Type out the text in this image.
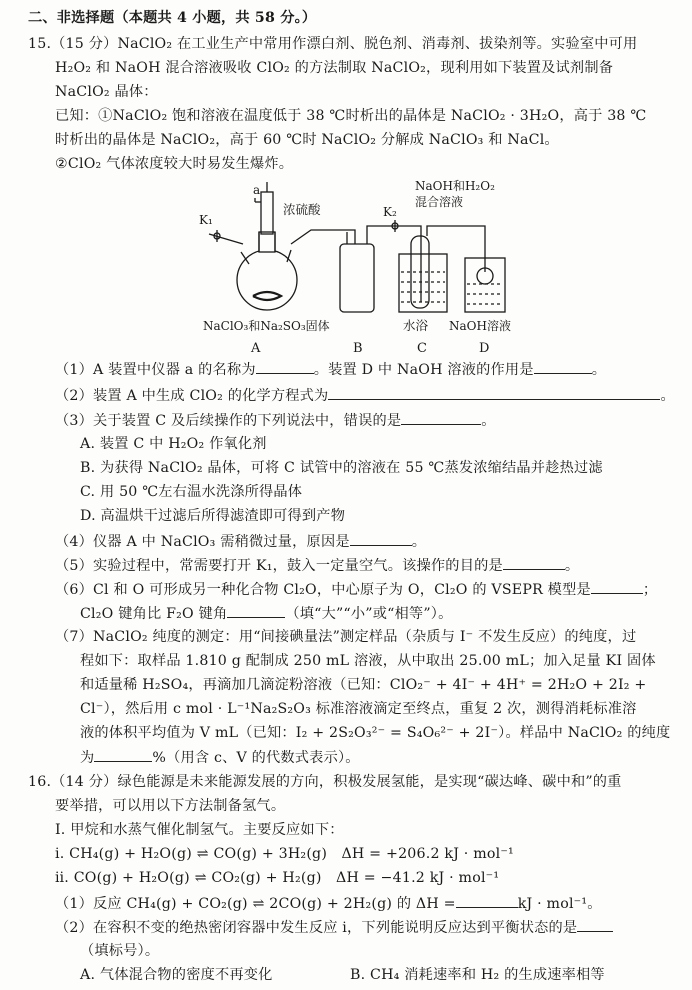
二、非选择题（本题共 4 小题，共 58 分。）
15.（15 分）NaClO₂ 在工业生产中常用作漂白剂、脱色剂、消毒剂、拔染剂等。实验室中可用
H₂O₂ 和 NaOH 混合溶液吸收 ClO₂ 的方法制取 NaClO₂，现利用如下装置及试剂制备
NaClO₂ 晶体：
已知：①NaClO₂ 饱和溶液在温度低于 38 ℃时析出的晶体是 NaClO₂ · 3H₂O，高于 38 ℃
时析出的晶体是 NaClO₂，高于 60 ℃时 NaClO₂ 分解成 NaClO₃ 和 NaCl。
②ClO₂ 气体浓度较大时易发生爆炸。
a
K₁
K₂
浓硫酸
NaOH和H₂O₂
混合溶液
NaClO₃和Na₂SO₃固体	水浴 NaOH溶液
A	B	C	D
（1）A 装置中仪器 a 的名称为	。装置 D 中 NaOH 溶液的作用是	。
（2）装置 A 中生成 ClO₂ 的化学方程式为	。
（3）关于装置 C 及后续操作的下列说法中，错误的是	。
A. 装置 C 中 H₂O₂ 作氧化剂
B. 为获得 NaClO₂ 晶体，可将 C 试管中的溶液在 55 ℃蒸发浓缩结晶并趁热过滤
C. 用 50 ℃左右温水洗涤所得晶体
D. 高温烘干过滤后所得滤渣即可得到产物
（4）仪器 A 中 NaClO₃ 需稍微过量，原因是	。
（5）实验过程中，常需要打开 K₁，鼓入一定量空气。该操作的目的是	。
（6）Cl 和 O 可形成另一种化合物 Cl₂O，中心原子为 O，Cl₂O 的 VSEPR 模型是	；
Cl₂O 键角比 F₂O 键角	（填“大”“小”或“相等”）。
（7）NaClO₂ 纯度的测定：用“间接碘量法”测定样品（杂质与 I⁻ 不发生反应）的纯度，过
程如下：取样品 1.810 g 配制成 250 mL 溶液，从中取出 25.00 mL；加入足量 KI 固体
和适量稀 H₂SO₄，再滴加几滴淀粉溶液（已知：ClO₂⁻ + 4I⁻ + 4H⁺ = 2H₂O + 2I₂ +
Cl⁻），然后用 c mol · L⁻¹Na₂S₂O₃ 标准溶液滴定至终点，重复 2 次，测得消耗标准溶
液的体积平均值为 V mL（已知：I₂ + 2S₂O₃²⁻ = S₄O₆²⁻ + 2I⁻）。样品中 NaClO₂ 的纯度
为	%（用含 c、V 的代数式表示）。
16.（14 分）绿色能源是未来能源发展的方向，积极发展氢能，是实现“碳达峰、碳中和”的重
要举措，可以用以下方法制备氢气。
Ⅰ. 甲烷和水蒸气催化制氢气。主要反应如下：
ⅰ. CH₄(g) + H₂O(g) ⇌ CO(g) + 3H₂(g)　ΔH = +206.2 kJ · mol⁻¹
ⅱ. CO(g) + H₂O(g) ⇌ CO₂(g) + H₂(g)　ΔH = −41.2 kJ · mol⁻¹
（1）反应 CH₄(g) + CO₂(g) ⇌ 2CO(g) + 2H₂(g) 的 ΔH =	kJ · mol⁻¹。
（2）在容积不变的绝热密闭容器中发生反应 ⅰ，下列能说明反应达到平衡状态的是
（填标号）。
A. 气体混合物的密度不再变化	B. CH₄ 消耗速率和 H₂ 的生成速率相等
